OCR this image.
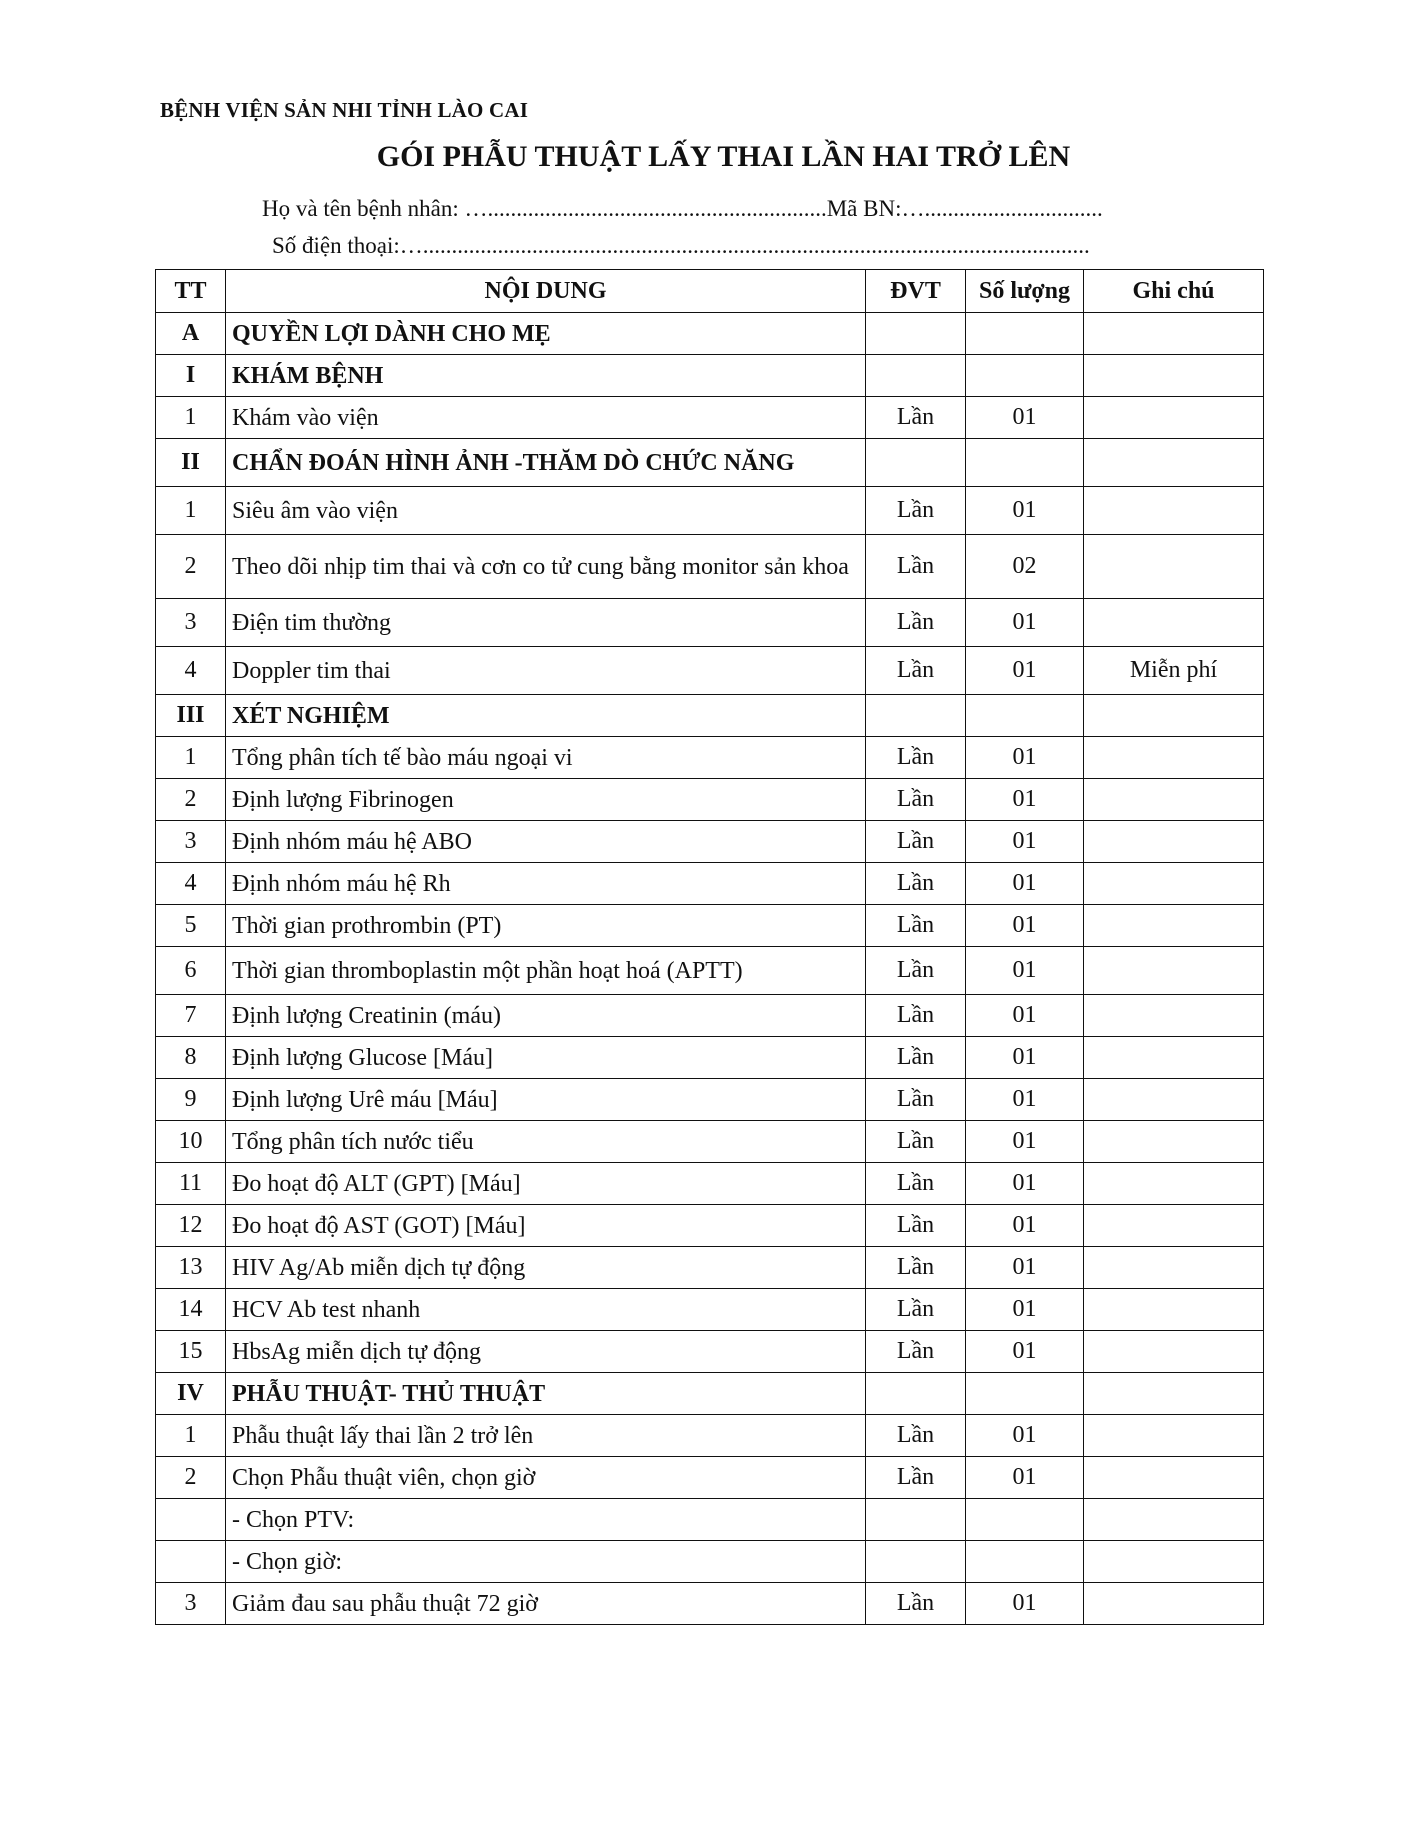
BỆNH VIỆN SẢN NHI TỈNH LÀO CAI
GÓI PHẪU THUẬT LẤY THAI LẦN HAI TRỞ LÊN
Họ và tên bệnh nhân: …...........................................................Mã BN:…...............................
Số điện thoại:…....................................................................................................................
TT	NỘI DUNG	ĐVT	Số lượng	Ghi chú
A	QUYỀN LỢI DÀNH CHO MẸ			
I	KHÁM BỆNH			
1	Khám vào viện	Lần	01	
II	CHẨN ĐOÁN HÌNH ẢNH -THĂM DÒ CHỨC NĂNG			
1	Siêu âm vào viện	Lần	01	
2	Theo dõi nhịp tim thai và cơn co tử cung bằng monitor sản khoa	Lần	02	
3	Điện tim thường	Lần	01	
4	Doppler tim thai	Lần	01	Miễn phí
III	XÉT NGHIỆM			
1	Tổng phân tích tế bào máu ngoại vi	Lần	01	
2	Định lượng Fibrinogen	Lần	01	
3	Định nhóm máu hệ ABO	Lần	01	
4	Định nhóm máu hệ Rh	Lần	01	
5	Thời gian prothrombin (PT)	Lần	01	
6	Thời gian thromboplastin một phần hoạt hoá (APTT)	Lần	01	
7	Định lượng Creatinin (máu)	Lần	01	
8	Định lượng Glucose [Máu]	Lần	01	
9	Định lượng Urê máu [Máu]	Lần	01	
10	Tổng phân tích nước tiểu	Lần	01	
11	Đo hoạt độ ALT (GPT) [Máu]	Lần	01	
12	Đo hoạt độ AST (GOT) [Máu]	Lần	01	
13	HIV Ag/Ab miễn dịch tự động	Lần	01	
14	HCV Ab test nhanh	Lần	01	
15	HbsAg miễn dịch tự động	Lần	01	
IV	PHẪU THUẬT- THỦ THUẬT			
1	Phẫu thuật lấy thai lần 2 trở lên	Lần	01	
2	Chọn Phẫu thuật viên, chọn giờ	Lần	01	
	- Chọn PTV:			
	- Chọn giờ:			
3	Giảm đau sau phẫu thuật 72 giờ	Lần	01	
